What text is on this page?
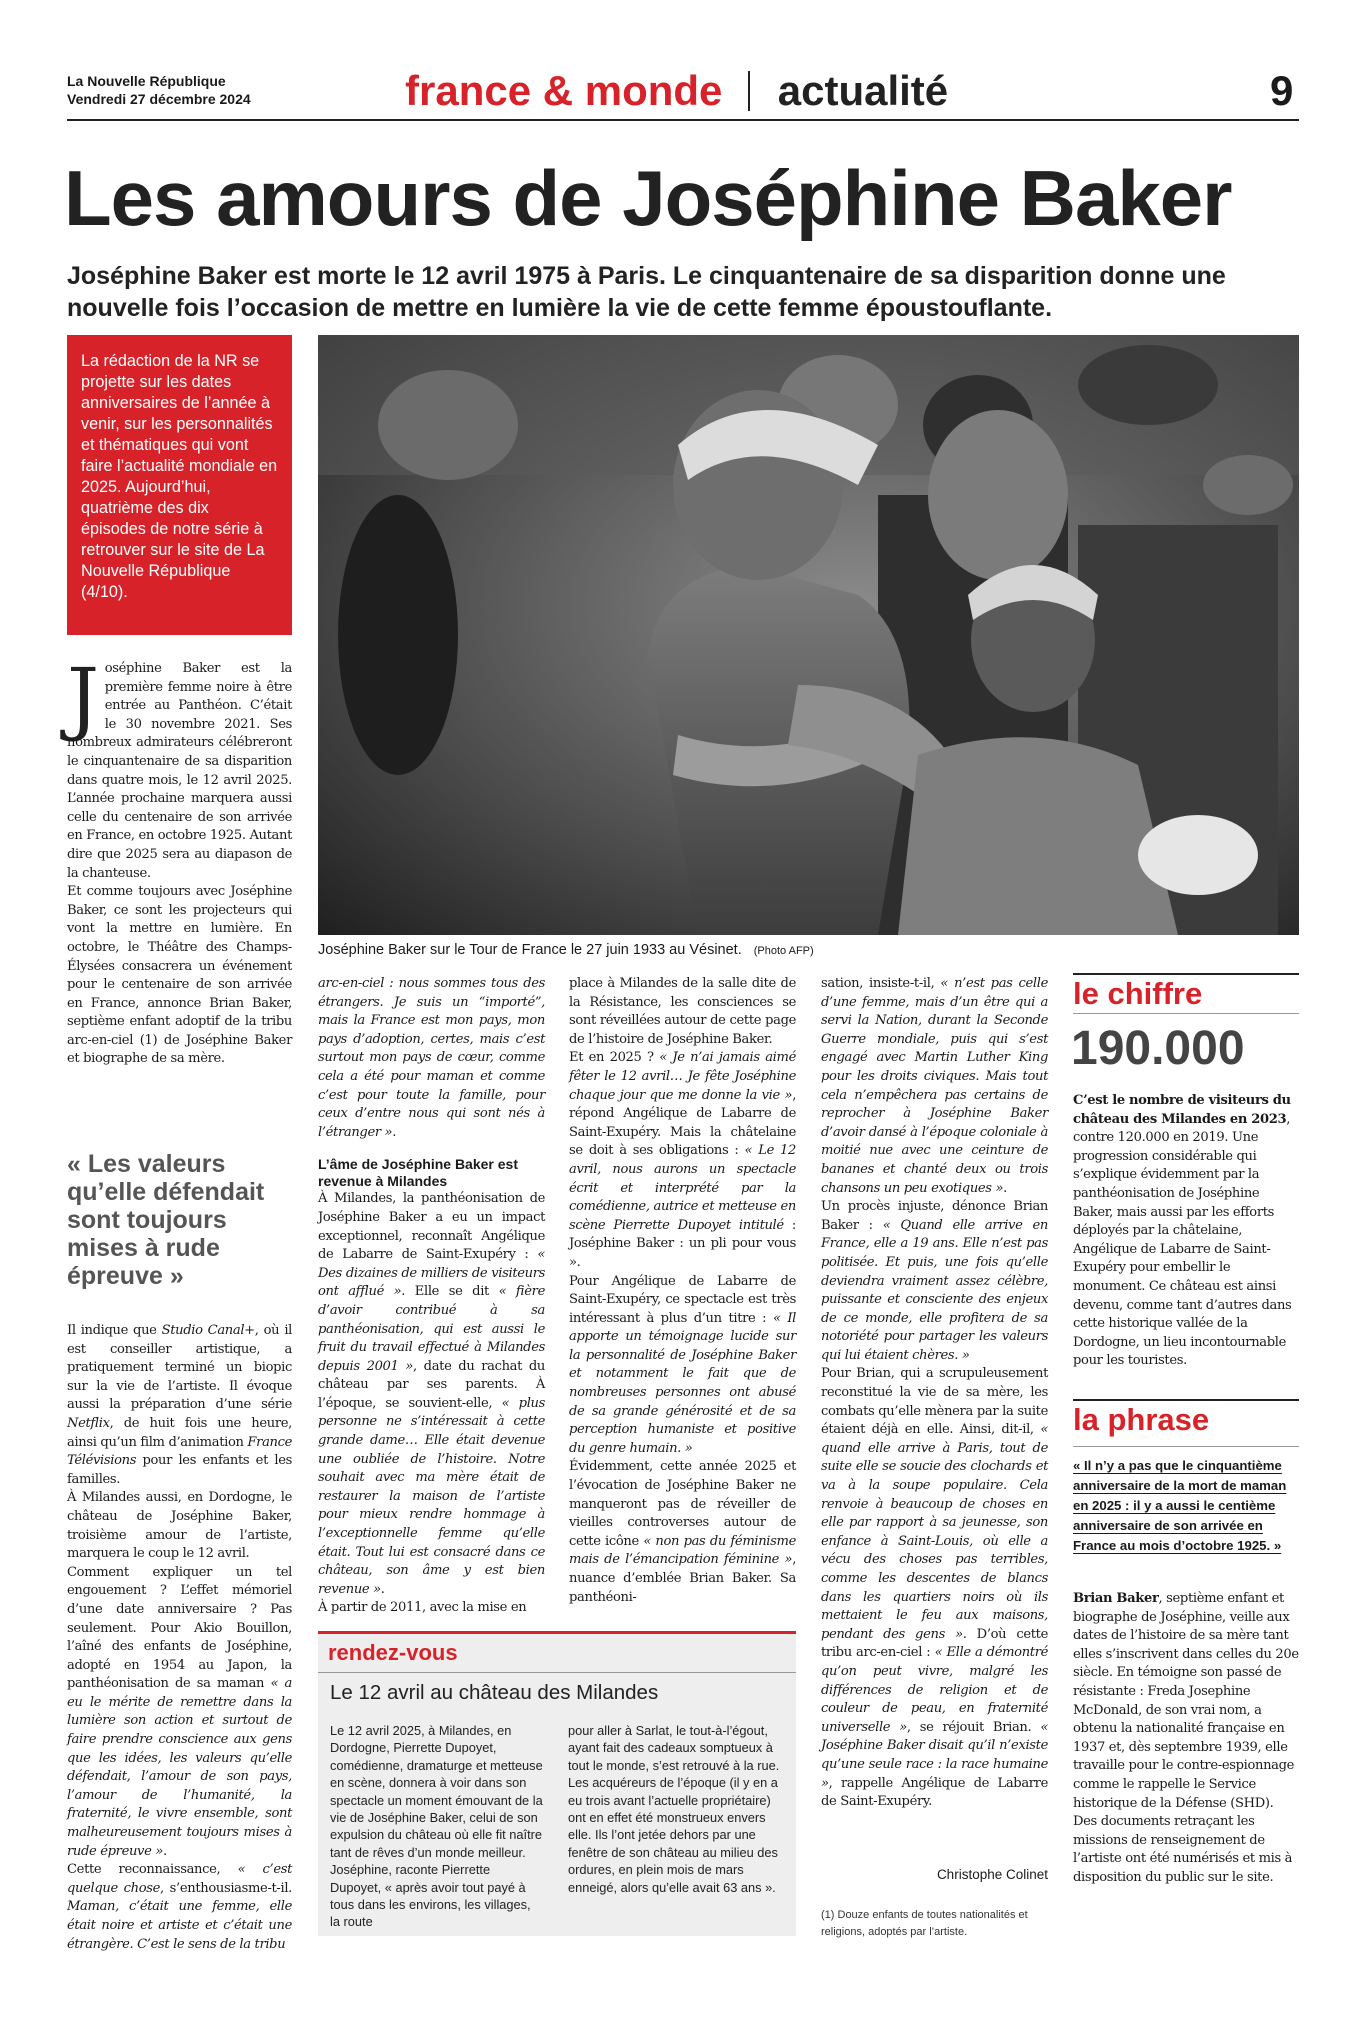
La Nouvelle République
Vendredi 27 décembre 2024	france & monde actualité	9
Les amours de Joséphine Baker
Joséphine Baker est morte le 12 avril 1975 à Paris. Le cinquantenaire de sa disparition donne une nouvelle fois l’occasion de mettre en lumière la vie de cette femme époustouflante.
La rédaction de la NR se projette sur les dates anniversaires de l’année à venir, sur les personnalités et thématiques qui vont faire l’actualité mondiale en 2025. Aujourd’hui, quatrième des dix épisodes de notre série à retrouver sur le site de La Nouvelle République (4/10).
Joséphine Baker sur le Tour de France le 27 juin 1933 au Vésinet. (Photo AFP)

J oséphine Baker est la première femme noire à être entrée au Panthéon. C’était le 30 novembre 2021. Ses nombreux admirateurs célébreront le cinquantenaire de sa disparition dans quatre mois, le 12 avril 2025. L’année prochaine marquera aussi celle du centenaire de son arrivée en France, en octobre 1925. Autant dire que 2025 sera au diapason de la chanteuse.

Et comme toujours avec Joséphine Baker, ce sont les projecteurs qui vont la mettre en lumière. En octobre, le Théâtre des Champs-Élysées consacrera un événement pour le centenaire de son arrivée en France, annonce Brian Baker, septième enfant adoptif de la tribu arc-en-ciel (1) de Joséphine Baker et biographe de sa mère.

« Les valeurs qu’elle défendait sont toujours mises à rude épreuve »

Il indique que Studio Canal+, où il est conseiller artistique, a pratiquement terminé un biopic sur la vie de l’artiste. Il évoque aussi la préparation d’une série Netflix, de huit fois une heure, ainsi qu’un film d’animation France Télévisions pour les enfants et les familles.

À Milandes aussi, en Dordogne, le château de Joséphine Baker, troisième amour de l’artiste, marquera le coup le 12 avril.

Comment expliquer un tel engouement ? L’effet mémoriel d’une date anniversaire ? Pas seulement. Pour Akio Bouillon, l’aîné des enfants de Joséphine, adopté en 1954 au Japon, la panthéonisation de sa maman « a eu le mérite de remettre dans la lumière son action et surtout de faire prendre conscience aux gens que les idées, les valeurs qu’elle défendait, l’amour de son pays, l’amour de l’humanité, la fraternité, le vivre ensemble, sont malheureusement toujours mises à rude épreuve ».

Cette reconnaissance, « c’est quelque chose, s’enthousiasme-t-il. Maman, c’était une femme, elle était noire et artiste et c’était une étrangère. C’est le sens de la tribu

arc-en-ciel : nous sommes tous des étrangers. Je suis un “importé”, mais la France est mon pays, mon pays d’adoption, certes, mais c’est surtout mon pays de cœur, comme cela a été pour maman et comme c’est pour toute la famille, pour ceux d’entre nous qui sont nés à l’étranger ».

L’âme de Joséphine Baker est revenue à Milandes

À Milandes, la panthéonisation de Joséphine Baker a eu un impact exceptionnel, reconnaît Angélique de Labarre de Saint-Exupéry : « Des dizaines de milliers de visiteurs ont afflué ». Elle se dit « fière d’avoir contribué à sa panthéonisation, qui est aussi le fruit du travail effectué à Milandes depuis 2001 », date du rachat du château par ses parents. À l’époque, se souvient-elle, « plus personne ne s’intéressait à cette grande dame… Elle était devenue une oubliée de l’histoire. Notre souhait avec ma mère était de restaurer la maison de l’artiste pour mieux rendre hommage à l’exceptionnelle femme qu’elle était. Tout lui est consacré dans ce château, son âme y est bien revenue ».

À partir de 2011, avec la mise en

place à Milandes de la salle dite de la Résistance, les consciences se sont réveillées autour de cette page de l’histoire de Joséphine Baker.

Et en 2025 ? « Je n’ai jamais aimé fêter le 12 avril… Je fête Joséphine chaque jour que me donne la vie », répond Angélique de Labarre de Saint-Exupéry. Mais la châtelaine se doit à ses obligations : « Le 12 avril, nous aurons un spectacle écrit et interprété par la comédienne, autrice et metteuse en scène Pierrette Dupoyet intitulé : Joséphine Baker : un pli pour vous ».

Pour Angélique de Labarre de Saint-Exupéry, ce spectacle est très intéressant à plus d’un titre : « Il apporte un témoignage lucide sur la personnalité de Joséphine Baker et notamment le fait que de nombreuses personnes ont abusé de sa grande générosité et de sa perception humaniste et positive du genre humain. »

Évidemment, cette année 2025 et l’évocation de Joséphine Baker ne manqueront pas de réveiller de vieilles controverses autour de cette icône « non pas du féminisme mais de l’émancipation féminine », nuance d’emblée Brian Baker. Sa panthéoni-

sation, insiste-t-il, « n’est pas celle d’une femme, mais d’un être qui a servi la Nation, durant la Seconde Guerre mondiale, puis qui s’est engagé avec Martin Luther King pour les droits civiques. Mais tout cela n’empêchera pas certains de reprocher à Joséphine Baker d’avoir dansé à l’époque coloniale à moitié nue avec une ceinture de bananes et chanté deux ou trois chansons un peu exotiques ».

Un procès injuste, dénonce Brian Baker : « Quand elle arrive en France, elle a 19 ans. Elle n’est pas politisée. Et puis, une fois qu’elle deviendra vraiment assez célèbre, puissante et consciente des enjeux de ce monde, elle profitera de sa notoriété pour partager les valeurs qui lui étaient chères. »

Pour Brian, qui a scrupuleusement reconstitué la vie de sa mère, les combats qu’elle mènera par la suite étaient déjà en elle. Ainsi, dit-il, « quand elle arrive à Paris, tout de suite elle se soucie des clochards et va à la soupe populaire. Cela renvoie à beaucoup de choses en elle par rapport à sa jeunesse, son enfance à Saint-Louis, où elle a vécu des choses pas terribles, comme les descentes de blancs dans les quartiers noirs où ils mettaient le feu aux maisons, pendant des gens ». D’où cette tribu arc-en-ciel : « Elle a démontré qu’on peut vivre, malgré les différences de religion et de couleur de peau, en fraternité universelle », se réjouit Brian. « Joséphine Baker disait qu’il n’existe qu’une seule race : la race humaine », rappelle Angélique de Labarre de Saint-Exupéry.

Christophe Colinet
(1) Douze enfants de toutes nationalités et religions, adoptés par l’artiste.
rendez-vous
Le 12 avril au château des Milandes
Le 12 avril 2025, à Milandes, en Dordogne, Pierrette Dupoyet, comédienne, dramaturge et metteuse en scène, donnera à voir dans son spectacle un moment émouvant de la vie de Joséphine Baker, celui de son expulsion du château où elle fit naître tant de rêves d’un monde meilleur. Joséphine, raconte Pierrette Dupoyet, « après avoir tout payé à tous dans les environs, les villages, la route
pour aller à Sarlat, le tout-à-l’égout, ayant fait des cadeaux somptueux à tout le monde, s’est retrouvé à la rue. Les acquéreurs de l’époque (il y en a eu trois avant l’actuelle propriétaire) ont en effet été monstrueux envers elle. Ils l’ont jetée dehors par une fenêtre de son château au milieu des ordures, en plein mois de mars enneigé, alors qu’elle avait 63 ans ».
le chiffre
190.000
C’est le nombre de visiteurs du château des Milandes en 2023, contre 120.000 en 2019. Une progression considérable qui s’explique évidemment par la panthéonisation de Joséphine Baker, mais aussi par les efforts déployés par la châtelaine, Angélique de Labarre de Saint-Exupéry pour embellir le monument. Ce château est ainsi devenu, comme tant d’autres dans cette historique vallée de la Dordogne, un lieu incontournable pour les touristes.
la phrase
« Il n’y a pas que le cinquantième anniversaire de la mort de maman en 2025 : il y a aussi le centième anniversaire de son arrivée en France au mois d’octobre 1925. »
Brian Baker, septième enfant et biographe de Joséphine, veille aux dates de l’histoire de sa mère tant elles s’inscrivent dans celles du 20e siècle. En témoigne son passé de résistante : Freda Josephine McDonald, de son vrai nom, a obtenu la nationalité française en 1937 et, dès septembre 1939, elle travaille pour le contre-espionnage comme le rappelle le Service historique de la Défense (SHD). Des documents retraçant les missions de renseignement de l’artiste ont été numérisés et mis à disposition du public sur le site.
